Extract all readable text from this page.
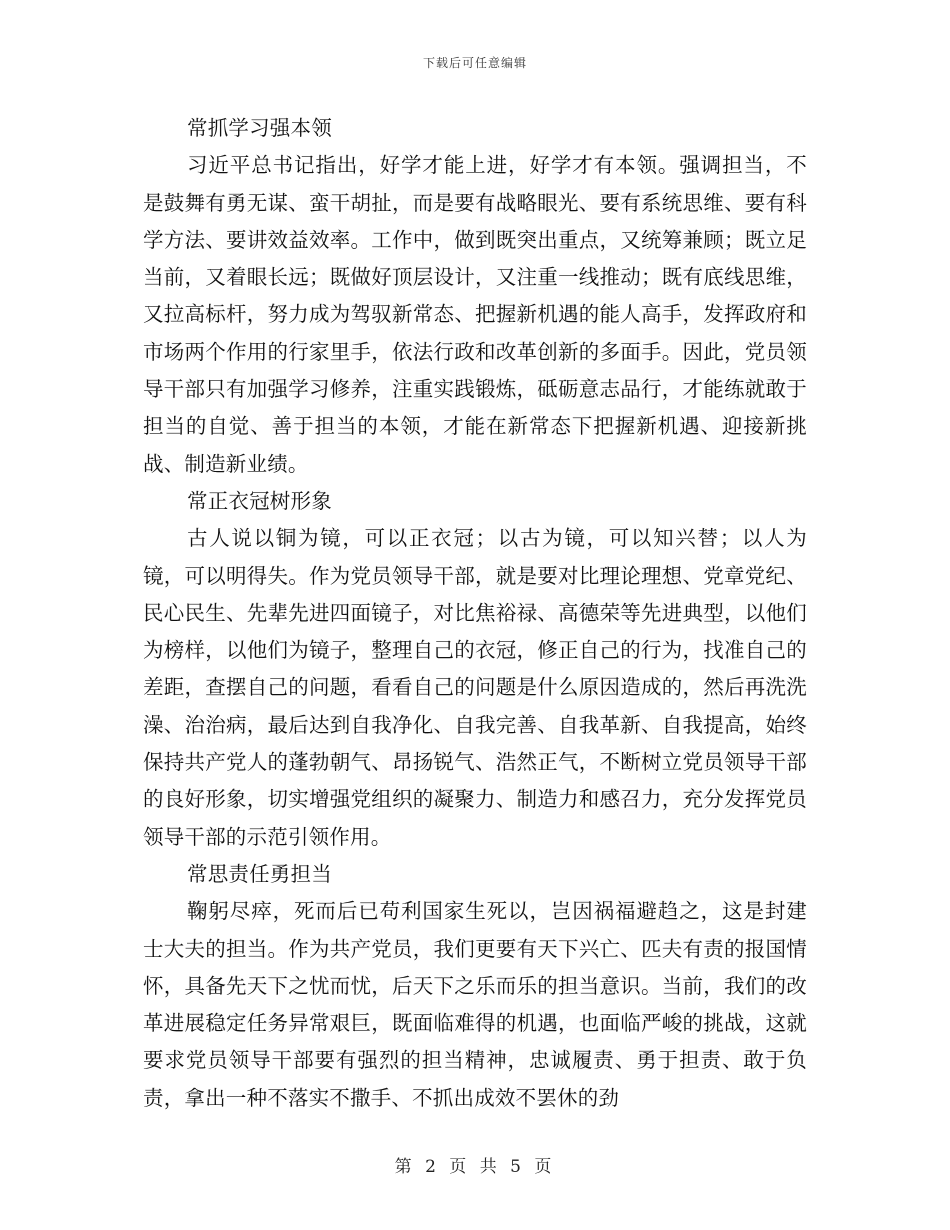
下载后可任意编辑

常抓学习强本领

习近平总书记指出，好学才能上进，好学才有本领。强调担当，不是鼓舞有勇无谋、蛮干胡扯，而是要有战略眼光、要有系统思维、要有科学方法、要讲效益效率。工作中，做到既突出重点，又统筹兼顾；既立足当前，又着眼长远；既做好顶层设计，又注重一线推动；既有底线思维，又拉高标杆，努力成为驾驭新常态、把握新机遇的能人高手，发挥政府和市场两个作用的行家里手，依法行政和改革创新的多面手。因此，党员领导干部只有加强学习修养，注重实践锻炼，砥砺意志品行，才能练就敢于担当的自觉、善于担当的本领，才能在新常态下把握新机遇、迎接新挑战、制造新业绩。

常正衣冠树形象

古人说以铜为镜，可以正衣冠；以古为镜，可以知兴替；以人为镜，可以明得失。作为党员领导干部，就是要对比理论理想、党章党纪、民心民生、先辈先进四面镜子，对比焦裕禄、高德荣等先进典型，以他们为榜样，以他们为镜子，整理自己的衣冠，修正自己的行为，找准自己的差距，查摆自己的问题，看看自己的问题是什么原因造成的，然后再洗洗澡、治治病，最后达到自我净化、自我完善、自我革新、自我提高，始终保持共产党人的蓬勃朝气、昂扬锐气、浩然正气，不断树立党员领导干部的良好形象，切实增强党组织的凝聚力、制造力和感召力，充分发挥党员领导干部的示范引领作用。

常思责任勇担当

鞠躬尽瘁，死而后已苟利国家生死以，岂因祸福避趋之，这是封建士大夫的担当。作为共产党员，我们更要有天下兴亡、匹夫有责的报国情怀，具备先天下之忧而忧，后天下之乐而乐的担当意识。当前，我们的改革进展稳定任务异常艰巨，既面临难得的机遇，也面临严峻的挑战，这就要求党员领导干部要有强烈的担当精神，忠诚履责、勇于担责、敢于负责，拿出一种不落实不撒手、不抓出成效不罢休的劲

第 2 页 共 5 页
